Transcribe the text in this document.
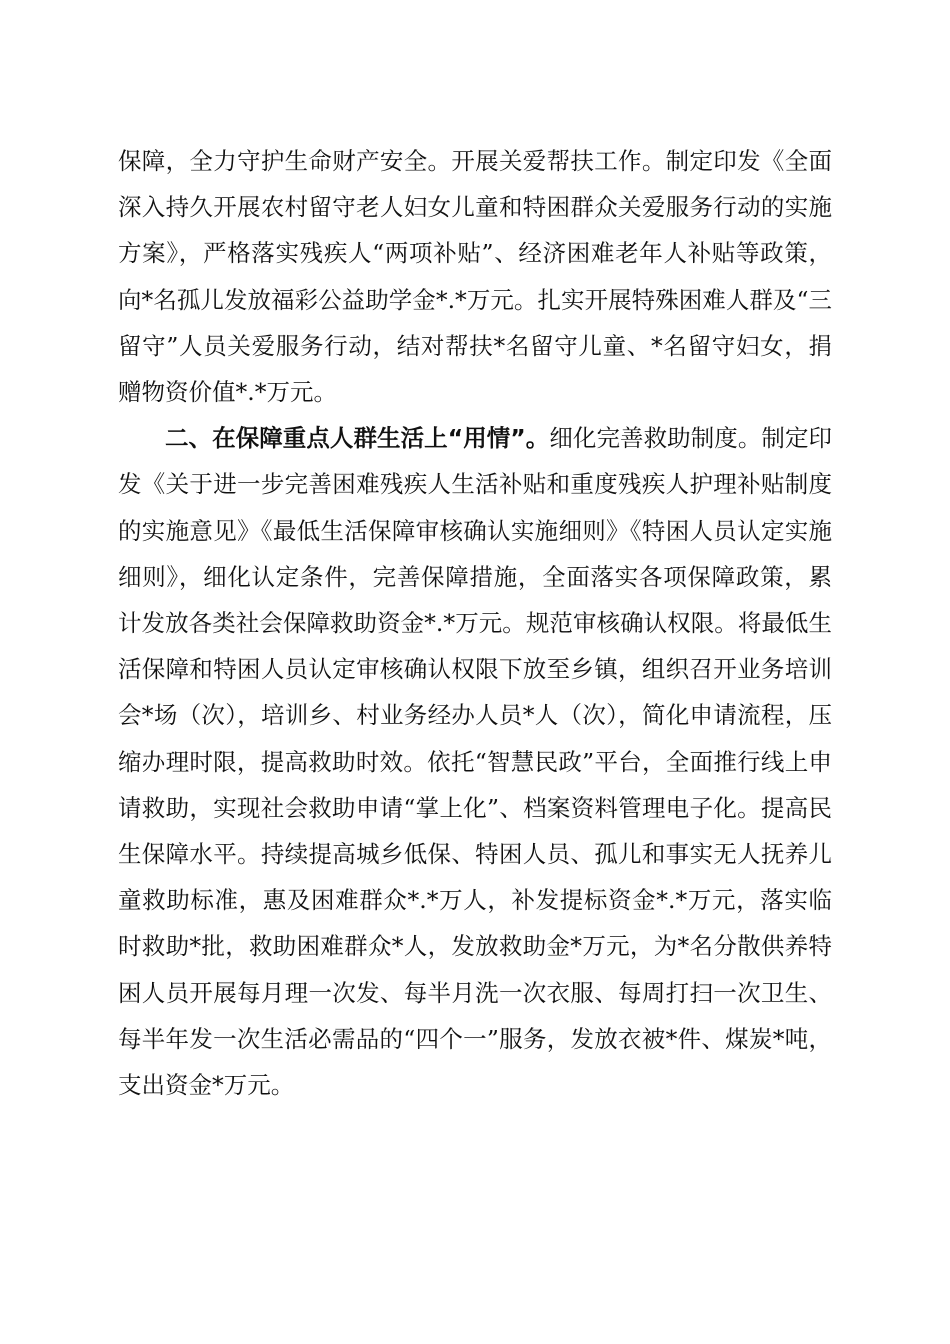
保障，全力守护生命财产安全。开展关爱帮扶工作。制定印发《全面深入持久开展农村留守老人妇女儿童和特困群众关爱服务行动的实施方案》，严格落实残疾人“两项补贴”、经济困难老年人补贴等政策，向*名孤儿发放福彩公益助学金*.*万元。扎实开展特殊困难人群及“三留守”人员关爱服务行动，结对帮扶*名留守儿童、*名留守妇女，捐赠物资价值*.*万元。

二、在保障重点人群生活上“用情”。细化完善救助制度。制定印发《关于进一步完善困难残疾人生活补贴和重度残疾人护理补贴制度的实施意见》《最低生活保障审核确认实施细则》《特困人员认定实施细则》，细化认定条件，完善保障措施，全面落实各项保障政策，累计发放各类社会保障救助资金*.*万元。规范审核确认权限。将最低生活保障和特困人员认定审核确认权限下放至乡镇，组织召开业务培训会*场（次），培训乡、村业务经办人员*人（次），简化申请流程，压缩办理时限，提高救助时效。依托“智慧民政”平台，全面推行线上申请救助，实现社会救助申请“掌上化”、档案资料管理电子化。提高民生保障水平。持续提高城乡低保、特困人员、孤儿和事实无人抚养儿童救助标准，惠及困难群众*.*万人，补发提标资金*.*万元，落实临时救助*批，救助困难群众*人，发放救助金*万元，为*名分散供养特困人员开展每月理一次发、每半月洗一次衣服、每周打扫一次卫生、每半年发一次生活必需品的“四个一”服务，发放衣被*件、煤炭*吨，支出资金*万元。
